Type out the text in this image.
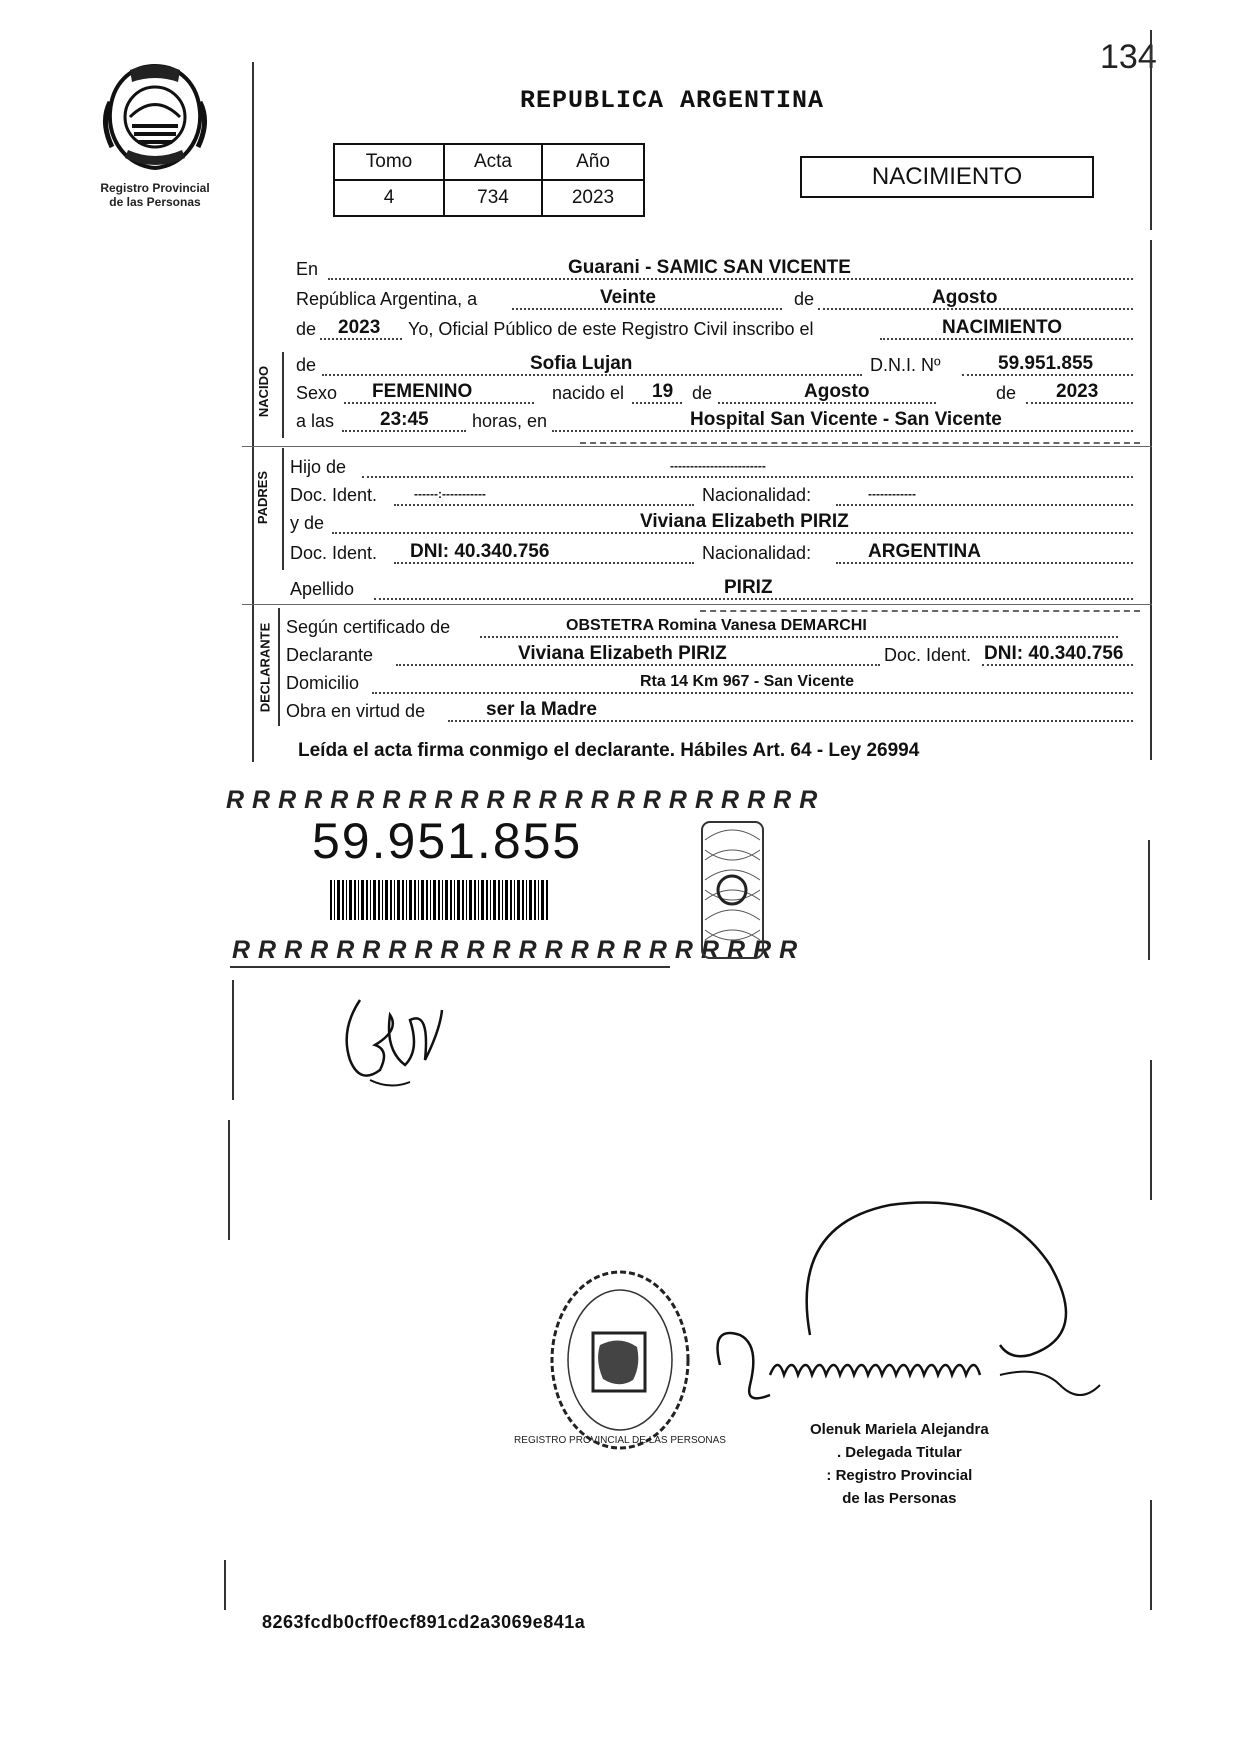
134
Registro Provincial
de las Personas
REPUBLICA ARGENTINA
Tomo	Acta	Año
4	734	2023
NACIMIENTO
NACIDO
PADRES
DECLARANTE
En	Guarani - SAMIC SAN VICENTE
República Argentina, a	Veinte	de	Agosto
de 2023 Yo, Oficial Público de este Registro Civil inscribo el	NACIMIENTO
de	Sofia Lujan	D.N.I. Nº	59.951.855
Sexo FEMENINO	nacido el 19 de	Agosto	de 2023
a las 23:45 horas, en	Hospital San Vicente - San Vicente
Hijo de	------------------------
Doc. Ident.	------:-----------	Nacionalidad:	------------
y de	Viviana Elizabeth PIRIZ
Doc. Ident. DNI: 40.340.756	Nacionalidad:	ARGENTINA
Apellido	PIRIZ
Según certificado de	OBSTETRA Romina Vanesa DEMARCHI
Declarante	Viviana Elizabeth PIRIZ	Doc. Ident. DNI: 40.340.756
Domicilio	Rta 14 Km 967 - San Vicente
Obra en virtud de	ser la Madre
Leída el acta firma conmigo el declarante. Hábiles Art. 64 - Ley 26994
RRRRRRRRRRRRRRRRRRRRRRR
59.951.855
RRRRRRRRRRRRRRRRRRRRRR
REGISTRO PROVINCIAL DE LAS PERSONAS
Olenuk Mariela Alejandra
. Delegada Titular
: Registro Provincial
de las Personas
8263fcdb0cff0ecf891cd2a3069e841a
